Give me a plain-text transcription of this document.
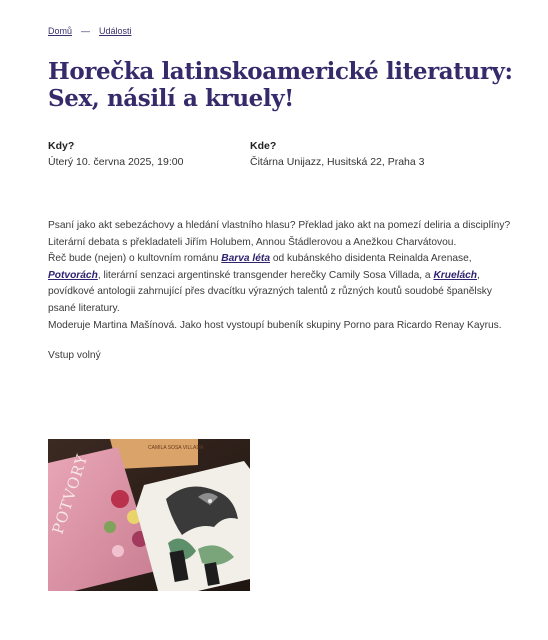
Domů — Události
Horečka latinskoamerické literatury: Sex, násilí a kruely!
Kdy?
Úterý 10. června 2025, 19:00
Kde?
Čitárna Unijazz, Husitská 22, Praha 3

Psaní jako akt sebezáchovy a hledání vlastního hlasu? Překlad jako akt na pomezí deliria a disciplíny? Literární debata s překladateli Jiřím Holubem, Annou Štádlerovou a Anežkou Charvátovou.

Řeč bude (nejen) o kultovním románu Barva léta od kubánského disidenta Reinalda Arenase, Potvorách, literární senzaci argentinské transgender herečky Camily Sosa Villada, a Kruelách, povídkové antologii zahrnující přes dvacítku výrazných talentů z různých koutů soudobé španělsky psané literatury.

Moderuje Martina Mašínová. Jako host vystoupí bubeník skupiny Porno para Ricardo Renay Kayrus.

Vstup volný

CAMILA SOSA VILLADA
POTVORY
